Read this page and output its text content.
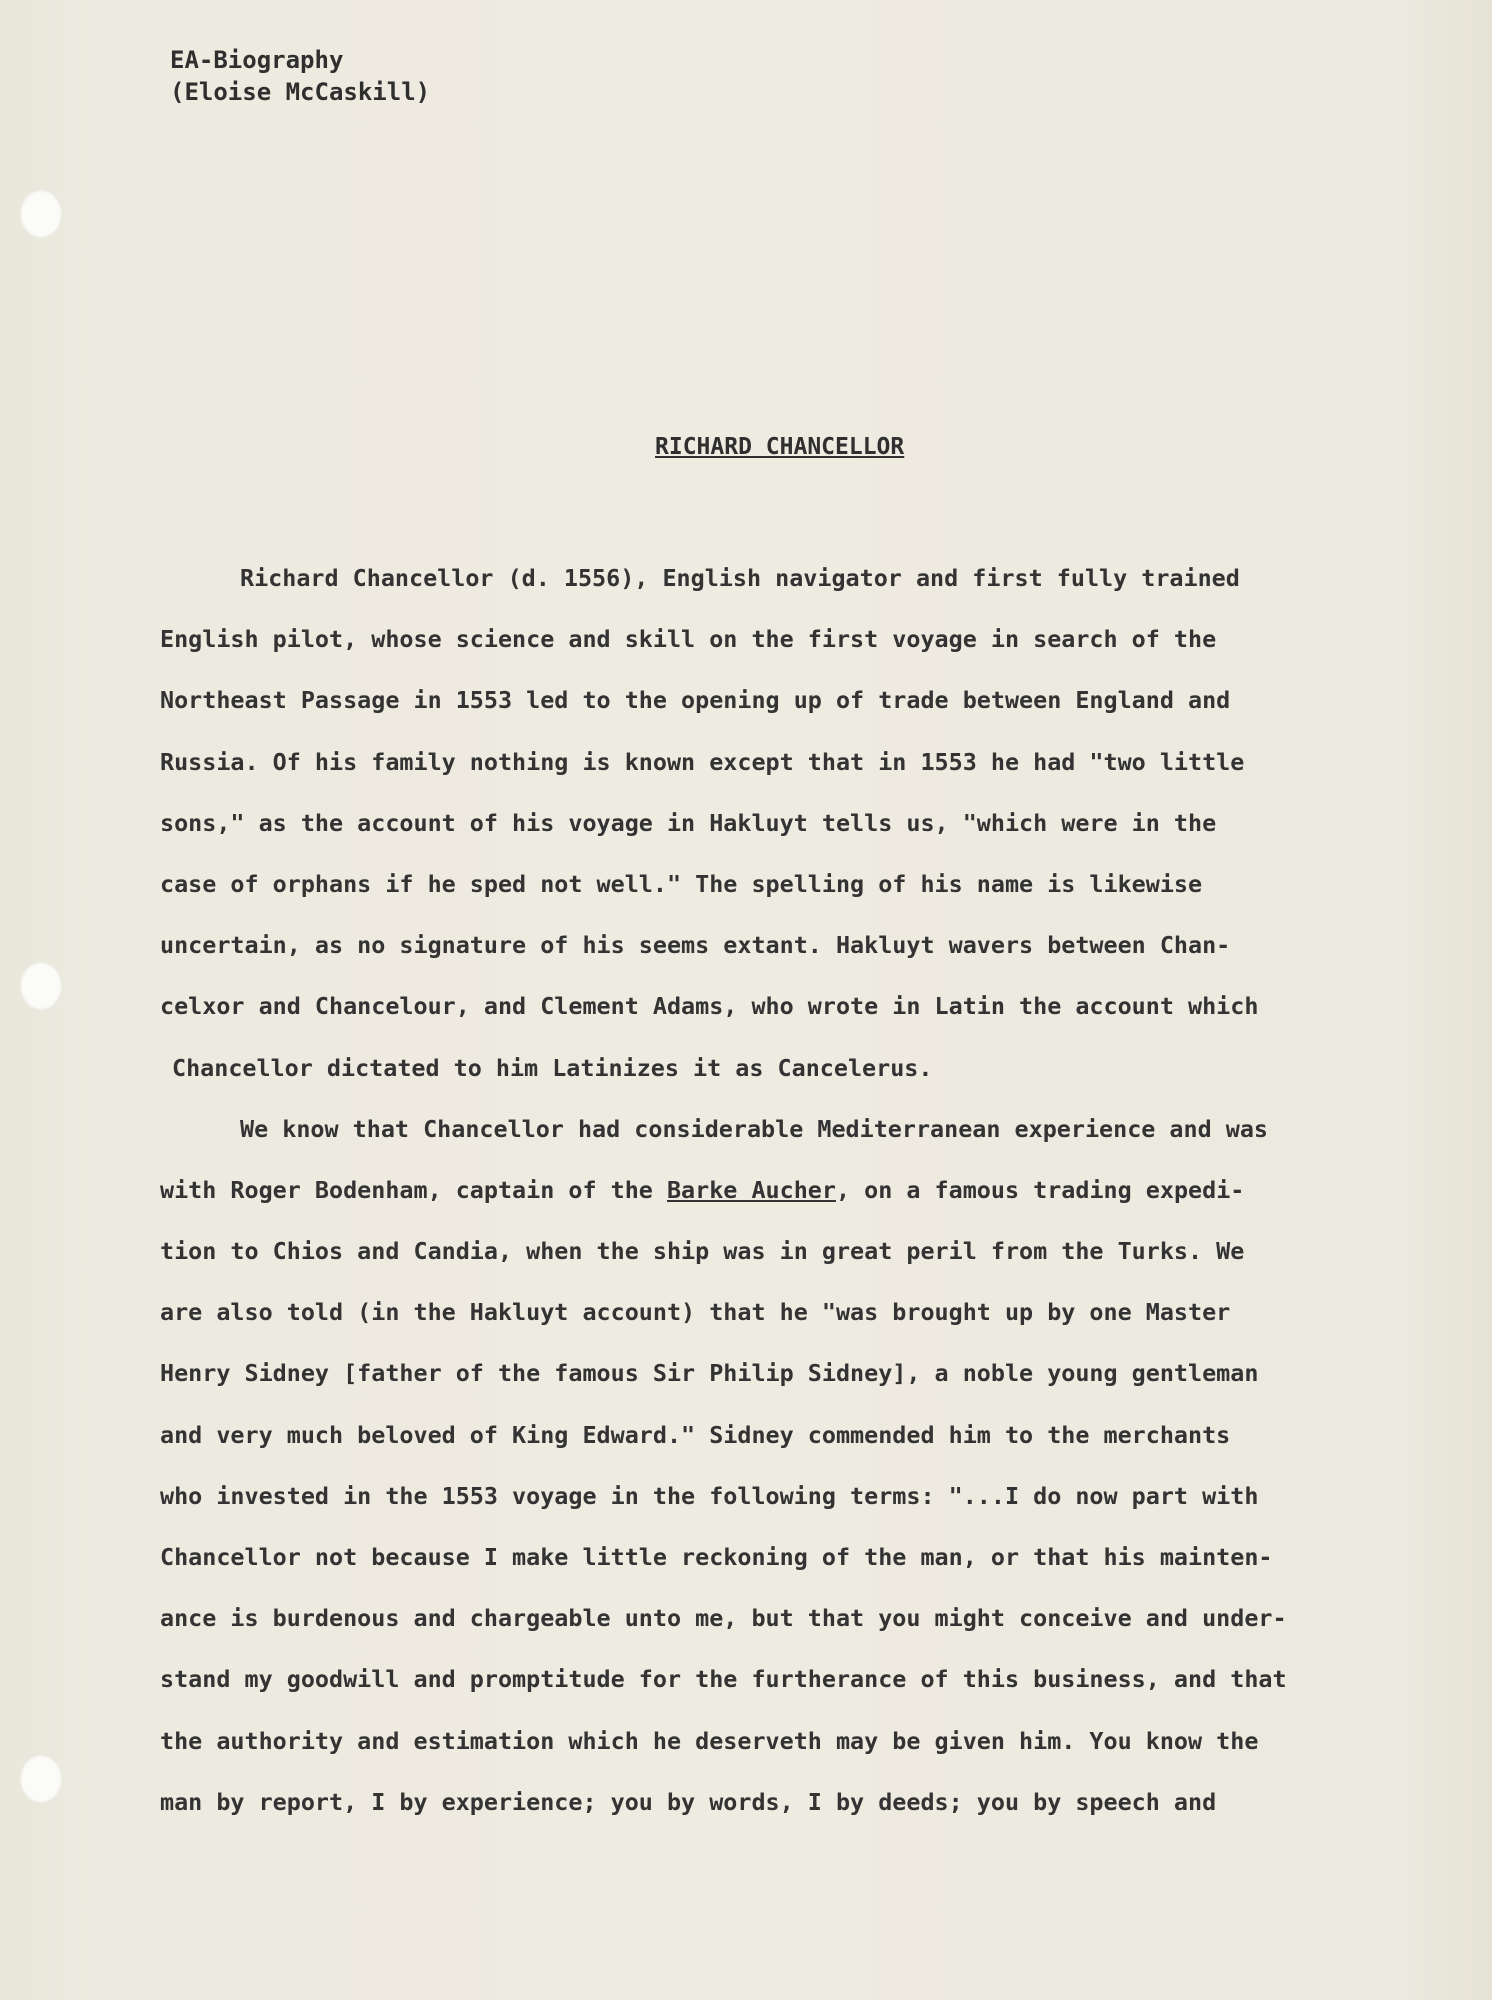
EA-Biography
(Eloise McCaskill)
RICHARD CHANCELLOR
Richard Chancellor (d. 1556), English navigator and first fully trained
English pilot, whose science and skill on the first voyage in search of the
Northeast Passage in 1553 led to the opening up of trade between England and
Russia. Of his family nothing is known except that in 1553 he had "two little
sons," as the account of his voyage in Hakluyt tells us, "which were in the
case of orphans if he sped not well." The spelling of his name is likewise
uncertain, as no signature of his seems extant. Hakluyt wavers between Chan-
celxor and Chancelour, and Clement Adams, who wrote in Latin the account which
Chancellor dictated to him Latinizes it as Cancelerus.
We know that Chancellor had considerable Mediterranean experience and was
with Roger Bodenham, captain of the Barke Aucher, on a famous trading expedi-
tion to Chios and Candia, when the ship was in great peril from the Turks. We
are also told (in the Hakluyt account) that he "was brought up by one Master
Henry Sidney [father of the famous Sir Philip Sidney], a noble young gentleman
and very much beloved of King Edward." Sidney commended him to the merchants
who invested in the 1553 voyage in the following terms: "...I do now part with
Chancellor not because I make little reckoning of the man, or that his mainten-
ance is burdenous and chargeable unto me, but that you might conceive and under-
stand my goodwill and promptitude for the furtherance of this business, and that
the authority and estimation which he deserveth may be given him. You know the
man by report, I by experience; you by words, I by deeds; you by speech and
